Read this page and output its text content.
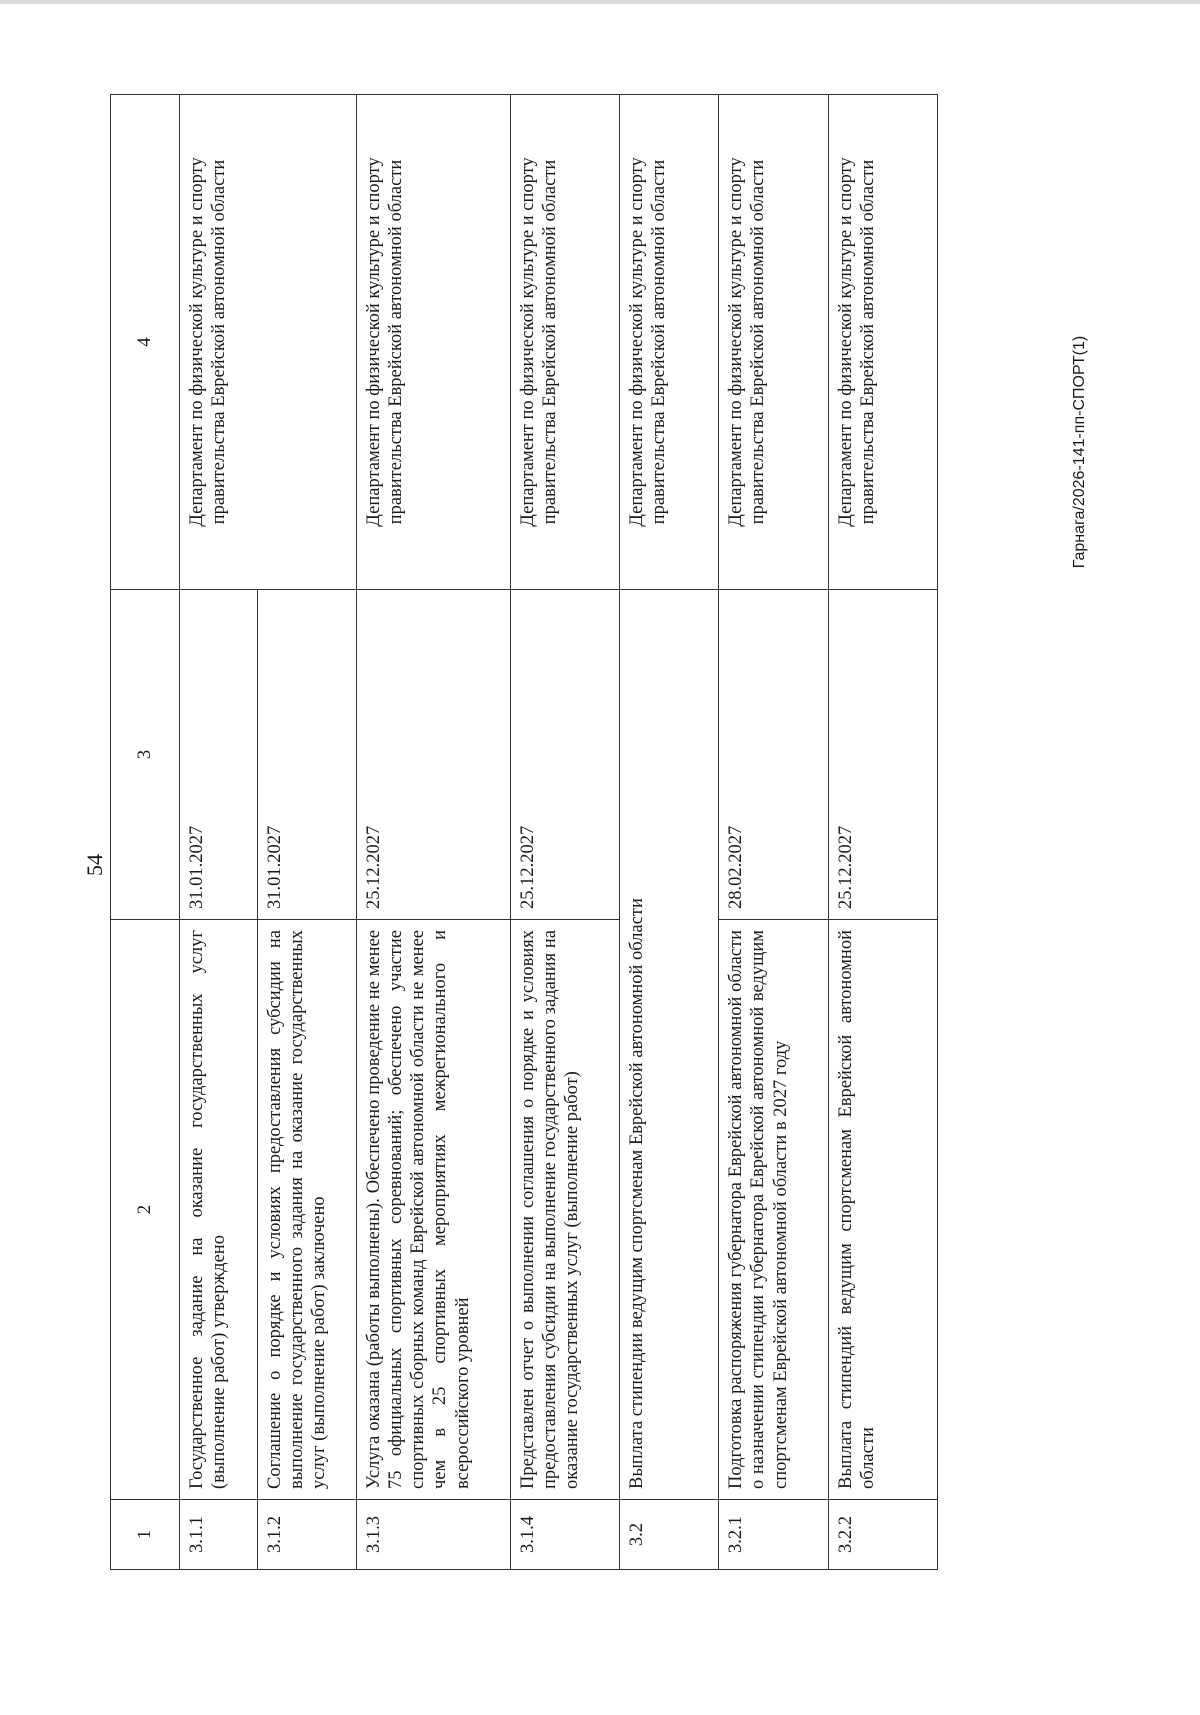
54
Гарнага/2026-141-пп-СПОРТ(1)
1	2	3	4
3.1.1	Государственное задание на оказание государственных услуг (выполнение работ) утверждено	31.01.2027	Департамент по физической культуре и спорту правительства Еврейской автономной области
3.1.2	Соглашение о порядке и условиях предоставления субсидии на выполнение государственного задания на оказание государственных услуг (выполнение работ) заключено	31.01.2027	
3.1.3	Услуга оказана (работы выполнены). Обеспечено проведение не менее 75 официальных спортивных соревнований; обеспечено участие спортивных сборных команд Еврейской автономной области не менее чем в 25 спортивных мероприятиях межрегионального и всероссийского уровней	25.12.2027	Департамент по физической культуре и спорту правительства Еврейской автономной области
3.1.4	Представлен отчет о выполнении соглашения о порядке и условиях предоставления субсидии на выполнение государственного задания на оказание государственных услуг (выполнение работ)	25.12.2027	Департамент по физической культуре и спорту правительства Еврейской автономной области
3.2	Выплата стипендии ведущим спортсменам Еврейской автономной области		Департамент по физической культуре и спорту правительства Еврейской автономной области
3.2.1	Подготовка распоряжения губернатора Еврейской автономной области о назначении стипендии губернатора Еврейской автономной ведущим спортсменам Еврейской автономной области в 2027 году	28.02.2027	Департамент по физической культуре и спорту правительства Еврейской автономной области
3.2.2	Выплата стипендий ведущим спортсменам Еврейской автономной области	25.12.2027	Департамент по физической культуре и спорту правительства Еврейской автономной области
